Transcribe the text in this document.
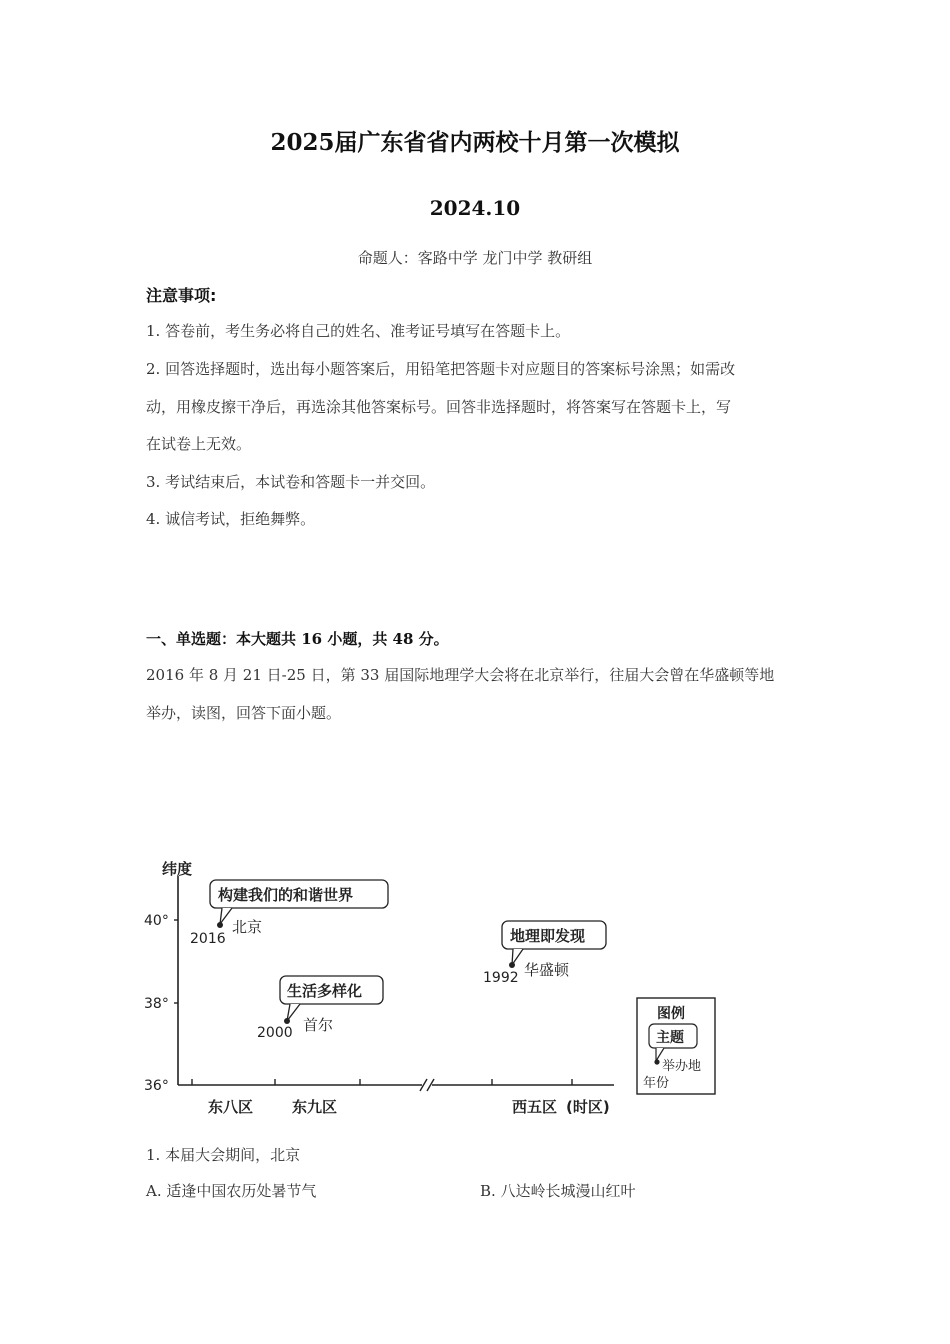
2025届广东省省内两校十月第一次模拟
2024.10
命题人：客路中学 龙门中学 教研组
注意事项:
1. 答卷前，考生务必将自己的姓名、准考证号填写在答题卡上。
2. 回答选择题时，选出每小题答案后，用铅笔把答题卡对应题目的答案标号涂黑；如需改
动，用橡皮擦干净后，再选涂其他答案标号。回答非选择题时，将答案写在答题卡上，写
在试卷上无效。
3. 考试结束后，本试卷和答题卡一并交回。
4. 诚信考试，拒绝舞弊。
一、单选题：本大题共 16 小题，共 48 分。
2016 年 8 月 21 日-25 日，第 33 届国际地理学大会将在北京举行，往届大会曾在华盛顿等地
举办，读图，回答下面小题。
纬度
40°
38°
36°
东八区	东九区	西五区 (时区)
构建我们的和谐世界
2016
北京
生活多样化
2000 首尔
地理即发现
1992 华盛顿
图例
主题
举办地
年份
1. 本届大会期间，北京
A. 适逢中国农历处暑节气	B. 八达岭长城漫山红叶
